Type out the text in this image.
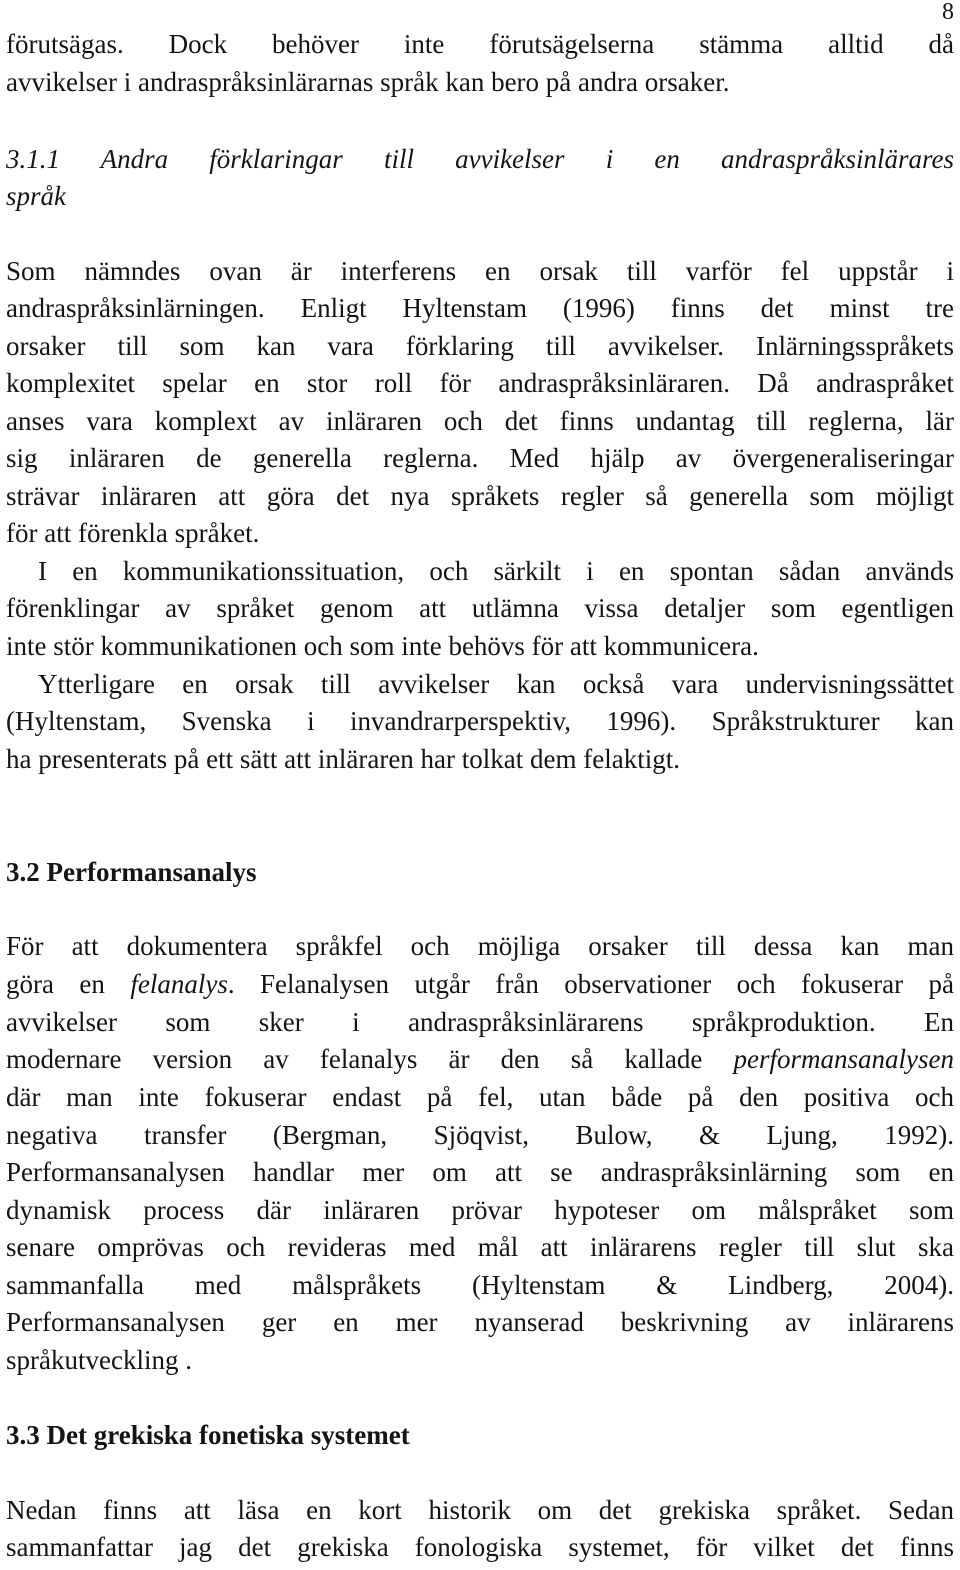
8
förutsägas. Dock behöver inte förutsägelserna stämma alltid då
avvikelser i andraspråksinlärarnas språk kan bero på andra orsaker.
3.1.1 Andra förklaringar till avvikelser i en andraspråksinlärares
språk
Som nämndes ovan är interferens en orsak till varför fel uppstår i
andraspråksinlärningen. Enligt Hyltenstam (1996) finns det minst tre
orsaker till som kan vara förklaring till avvikelser. Inlärningsspråkets
komplexitet spelar en stor roll för andraspråksinläraren. Då andraspråket
anses vara komplext av inläraren och det finns undantag till reglerna, lär
sig inläraren de generella reglerna. Med hjälp av övergeneraliseringar
strävar inläraren att göra det nya språkets regler så generella som möjligt
för att förenkla språket.
I en kommunikationssituation, och särkilt i en spontan sådan används
förenklingar av språket genom att utlämna vissa detaljer som egentligen
inte stör kommunikationen och som inte behövs för att kommunicera.
Ytterligare en orsak till avvikelser kan också vara undervisningssättet
(Hyltenstam, Svenska i invandrarperspektiv, 1996). Språkstrukturer kan
ha presenterats på ett sätt att inläraren har tolkat dem felaktigt.
3.2 Performansanalys
För att dokumentera språkfel och möjliga orsaker till dessa kan man
göra en felanalys. Felanalysen utgår från observationer och fokuserar på
avvikelser som sker i andraspråksinlärarens språkproduktion. En
modernare version av felanalys är den så kallade performansanalysen
där man inte fokuserar endast på fel, utan både på den positiva och
negativa transfer (Bergman, Sjöqvist, Bulow, & Ljung, 1992).
Performansanalysen handlar mer om att se andraspråksinlärning som en
dynamisk process där inläraren prövar hypoteser om målspråket som
senare omprövas och revideras med mål att inlärarens regler till slut ska
sammanfalla med målspråkets (Hyltenstam & Lindberg, 2004).
Performansanalysen ger en mer nyanserad beskrivning av inlärarens
språkutveckling .
3.3 Det grekiska fonetiska systemet
Nedan finns att läsa en kort historik om det grekiska språket. Sedan
sammanfattar jag det grekiska fonologiska systemet, för vilket det finns
